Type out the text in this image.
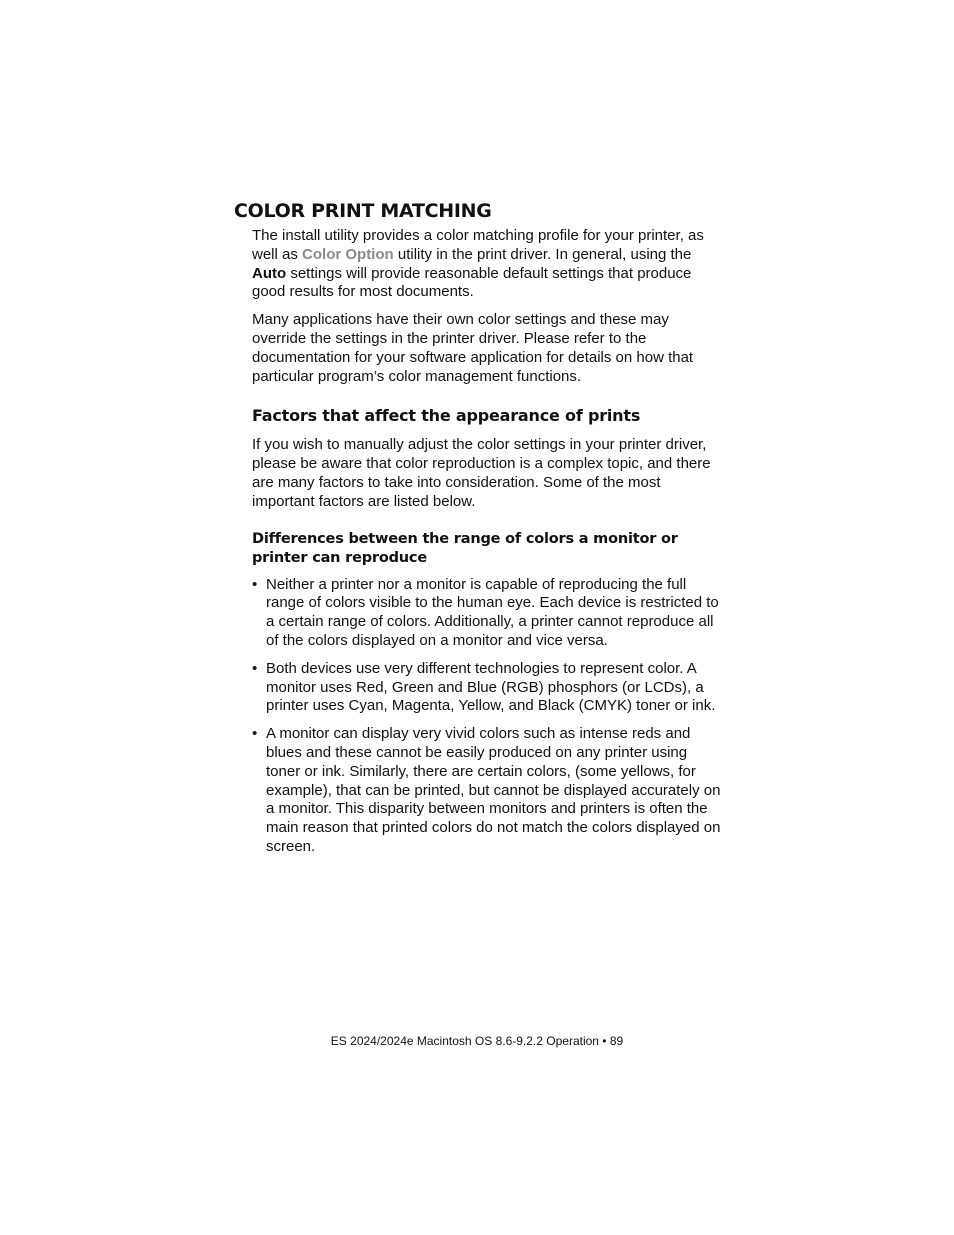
COLOR PRINT MATCHING

The install utility provides a color matching profile for your printer, as well as Color Option utility in the print driver. In general, using the Auto settings will provide reasonable default settings that produce good results for most documents.

Many applications have their own color settings and these may override the settings in the printer driver. Please refer to the documentation for your software application for details on how that particular program’s color management functions.

Factors that affect the appearance of prints

If you wish to manually adjust the color settings in your printer driver, please be aware that color reproduction is a complex topic, and there are many factors to take into consideration. Some of the most important factors are listed below.

Differences between the range of colors a monitor or printer can reproduce
• Neither a printer nor a monitor is capable of reproducing the full range of colors visible to the human eye. Each device is restricted to a certain range of colors. Additionally, a printer cannot reproduce all of the colors displayed on a monitor and vice versa.
• Both devices use very different technologies to represent color. A monitor uses Red, Green and Blue (RGB) phosphors (or LCDs), a printer uses Cyan, Magenta, Yellow, and Black (CMYK) toner or ink.
• A monitor can display very vivid colors such as intense reds and blues and these cannot be easily produced on any printer using toner or ink. Similarly, there are certain colors, (some yellows, for example), that can be printed, but cannot be displayed accurately on a monitor. This disparity between monitors and printers is often the main reason that printed colors do not match the colors displayed on screen.
ES 2024/2024e Macintosh OS 8.6-9.2.2 Operation • 89
